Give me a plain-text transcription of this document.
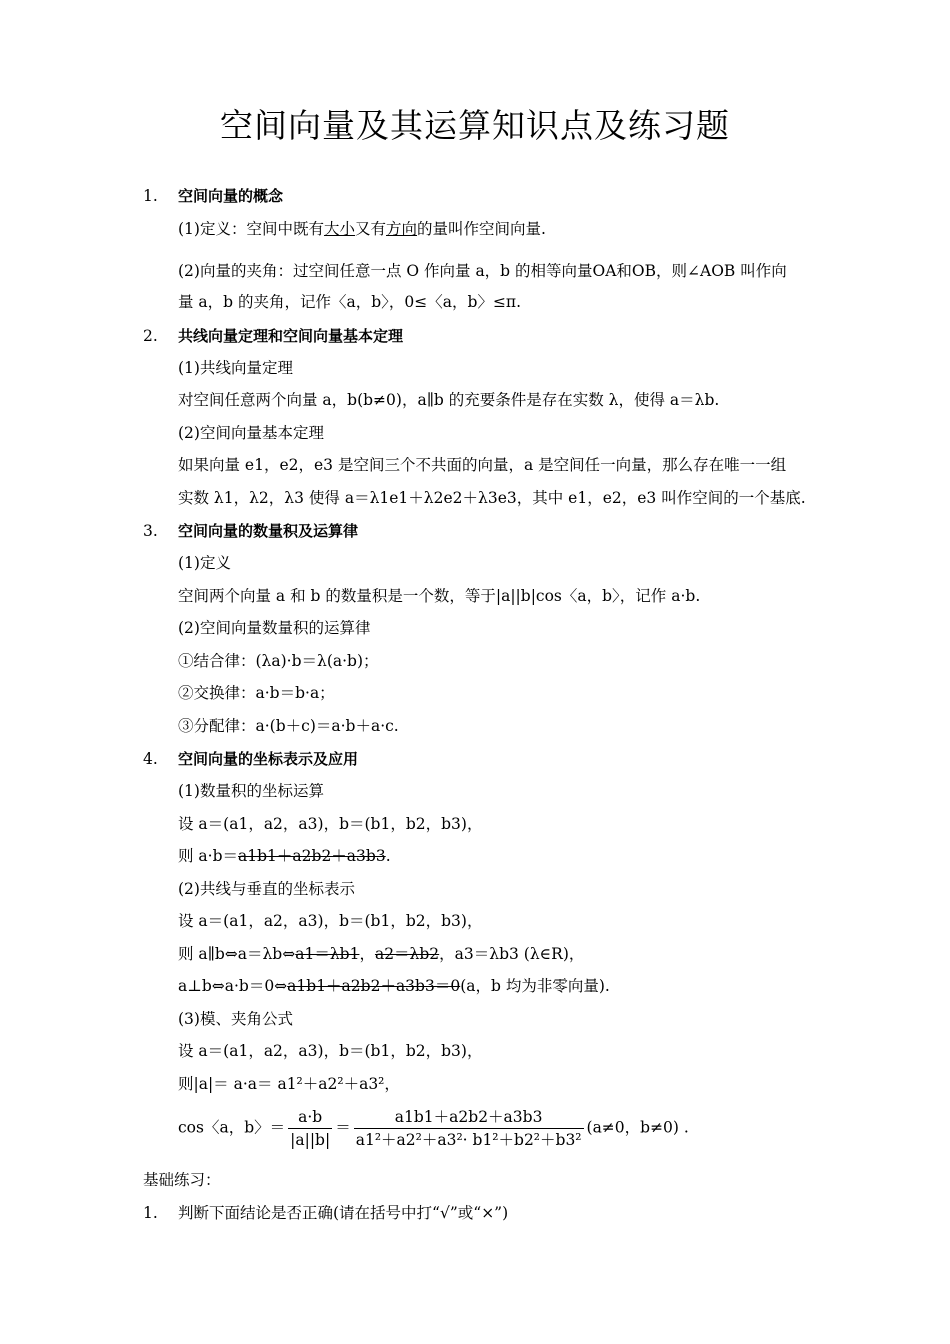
空间向量及其运算知识点及练习题
1. 空间向量的概念
(1)定义：空间中既有大小又有方向的量叫作空间向量.
(2)向量的夹角：过空间任意一点 O 作向量 a，b 的相等向量OA和OB，则∠AOB 叫作向
量 a，b 的夹角，记作〈a，b〉，0≤〈a，b〉≤π.
2. 共线向量定理和空间向量基本定理
(1)共线向量定理
对空间任意两个向量 a，b(b≠0)，a∥b 的充要条件是存在实数 λ，使得 a＝λb.
(2)空间向量基本定理
如果向量 e1，e2，e3 是空间三个不共面的向量，a 是空间任一向量，那么存在唯一一组
实数 λ1，λ2，λ3 使得 a＝λ1e1＋λ2e2＋λ3e3，其中 e1，e2，e3 叫作空间的一个基底.
3. 空间向量的数量积及运算律
(1)定义
空间两个向量 a 和 b 的数量积是一个数，等于|a||b|cos〈a，b〉，记作 a·b.
(2)空间向量数量积的运算律
①结合律：(λa)·b＝λ(a·b)；
②交换律：a·b＝b·a；
③分配律：a·(b＋c)＝a·b＋a·c.
4. 空间向量的坐标表示及应用
(1)数量积的坐标运算
设 a＝(a1，a2，a3)，b＝(b1，b2，b3)，
则 a·b＝a1b1＋a2b2＋a3b3.
(2)共线与垂直的坐标表示
设 a＝(a1，a2，a3)，b＝(b1，b2，b3)，
则 a∥b⇔a＝λb⇔a1＝λb1，a2＝λb2，a3＝λb3 (λ∈R)，
a⊥b⇔a·b＝0⇔a1b1＋a2b2＋a3b3＝0(a，b 均为非零向量).
(3)模、夹角公式
设 a＝(a1，a2，a3)，b＝(b1，b2，b3)，
则|a|＝ a·a＝ a1²＋a2²＋a3²，
cos〈a，b〉＝ $\frac{a\cdot b}{|a||b|} = \frac{a1b1+a2b2+a3b3}{\text{a1²＋a2²＋a3²· b1²＋b2²＋b3²}} (a\ne 0$，b≠0) .
基础练习：
1. 判断下面结论是否正确(请在括号中打“√”或“×”)
